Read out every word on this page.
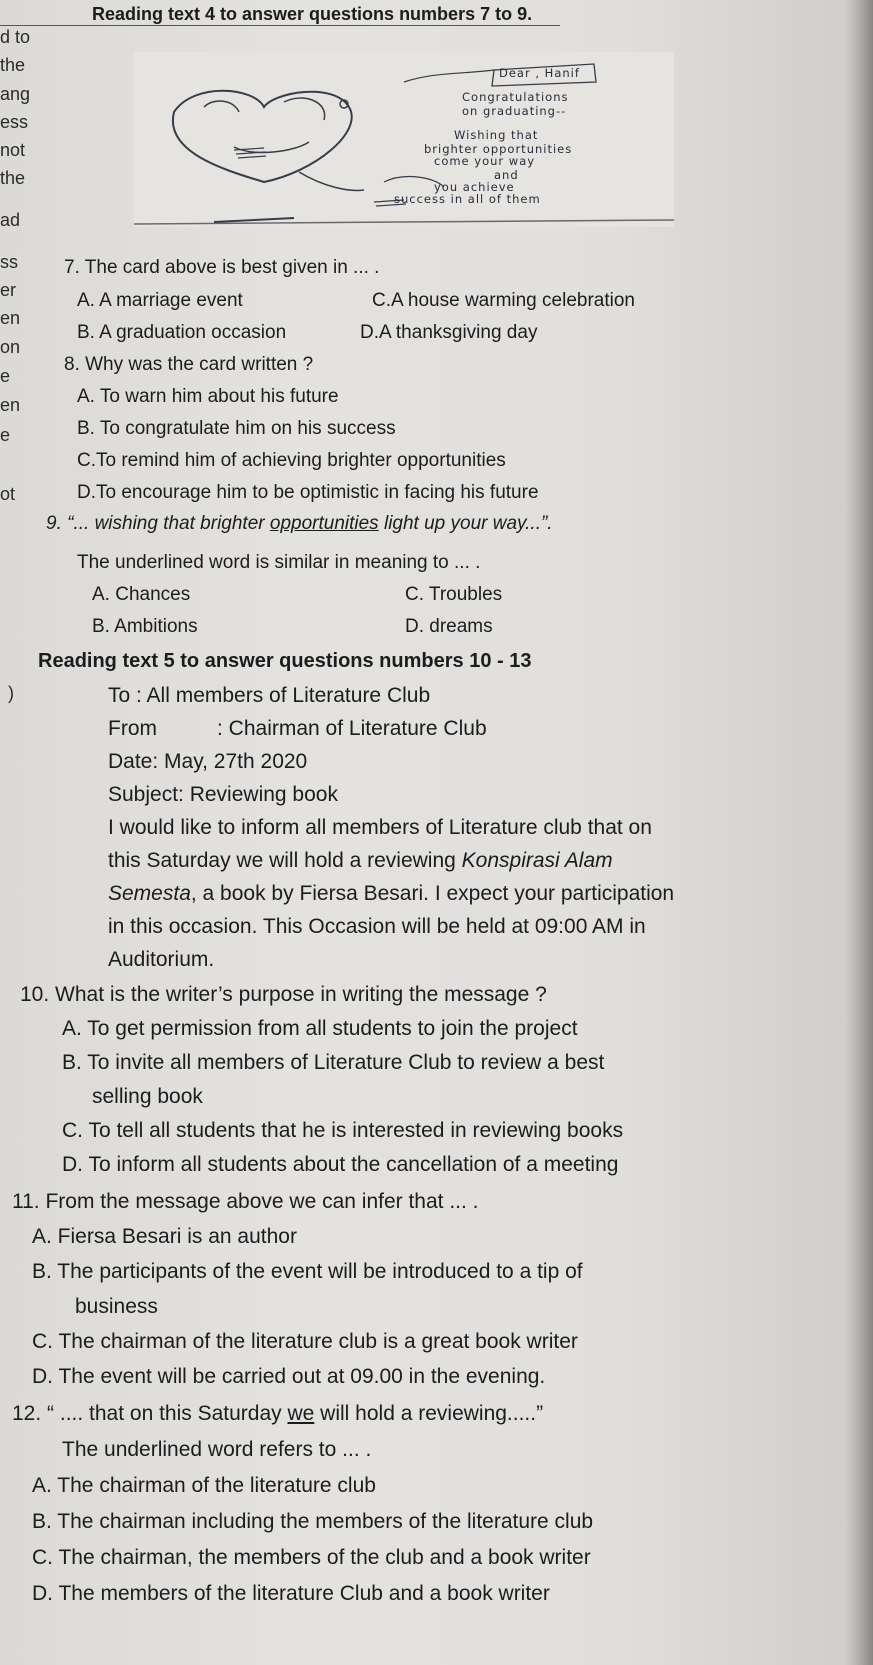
Reading text 4 to answer questions numbers 7 to 9.
d to
the
ang
ess
not
the
ad
ss
er
en
on
e
en
e
ot
)
Dear , Hanif
Congratulations
on graduating--
Wishing that
brighter opportunities
come your way
and
you achieve
success in all of them
7. The card above is best given in ... .
A. A marriage event	C.A house warming celebration
B. A graduation occasion	D.A thanksgiving day
8. Why was the card written ?
A. To warn him about his future
B. To congratulate him on his success
C.To remind him of achieving brighter opportunities
D.To encourage him to be optimistic in facing his future
9. “... wishing that brighter opportunities light up your way...”.
The underlined word is similar in meaning to ... .
A. Chances	C. Troubles
B. Ambitions	D. dreams
Reading text 5 to answer questions numbers 10 - 13
To : All members of Literature Club
From	: Chairman of Literature Club
Date: May, 27th 2020
Subject: Reviewing book
I would like to inform all members of Literature club that on
this Saturday we will hold a reviewing Konspirasi Alam
Semesta, a book by Fiersa Besari. I expect your participation
in this occasion. This Occasion will be held at 09:00 AM in
Auditorium.
10. What is the writer’s purpose in writing the message ?
A. To get permission from all students to join the project
B. To invite all members of Literature Club to review a best
selling book
C. To tell all students that he is interested in reviewing books
D. To inform all students about the cancellation of a meeting
11. From the message above we can infer that ... .
A. Fiersa Besari is an author
B. The participants of the event will be introduced to a tip of
business
C. The chairman of the literature club is a great book writer
D. The event will be carried out at 09.00 in the evening.
12. “ .... that on this Saturday we will hold a reviewing.....”
The underlined word refers to ... .
A. The chairman of the literature club
B. The chairman including the members of the literature club
C. The chairman, the members of the club and a book writer
D. The members of the literature Club and a book writer
